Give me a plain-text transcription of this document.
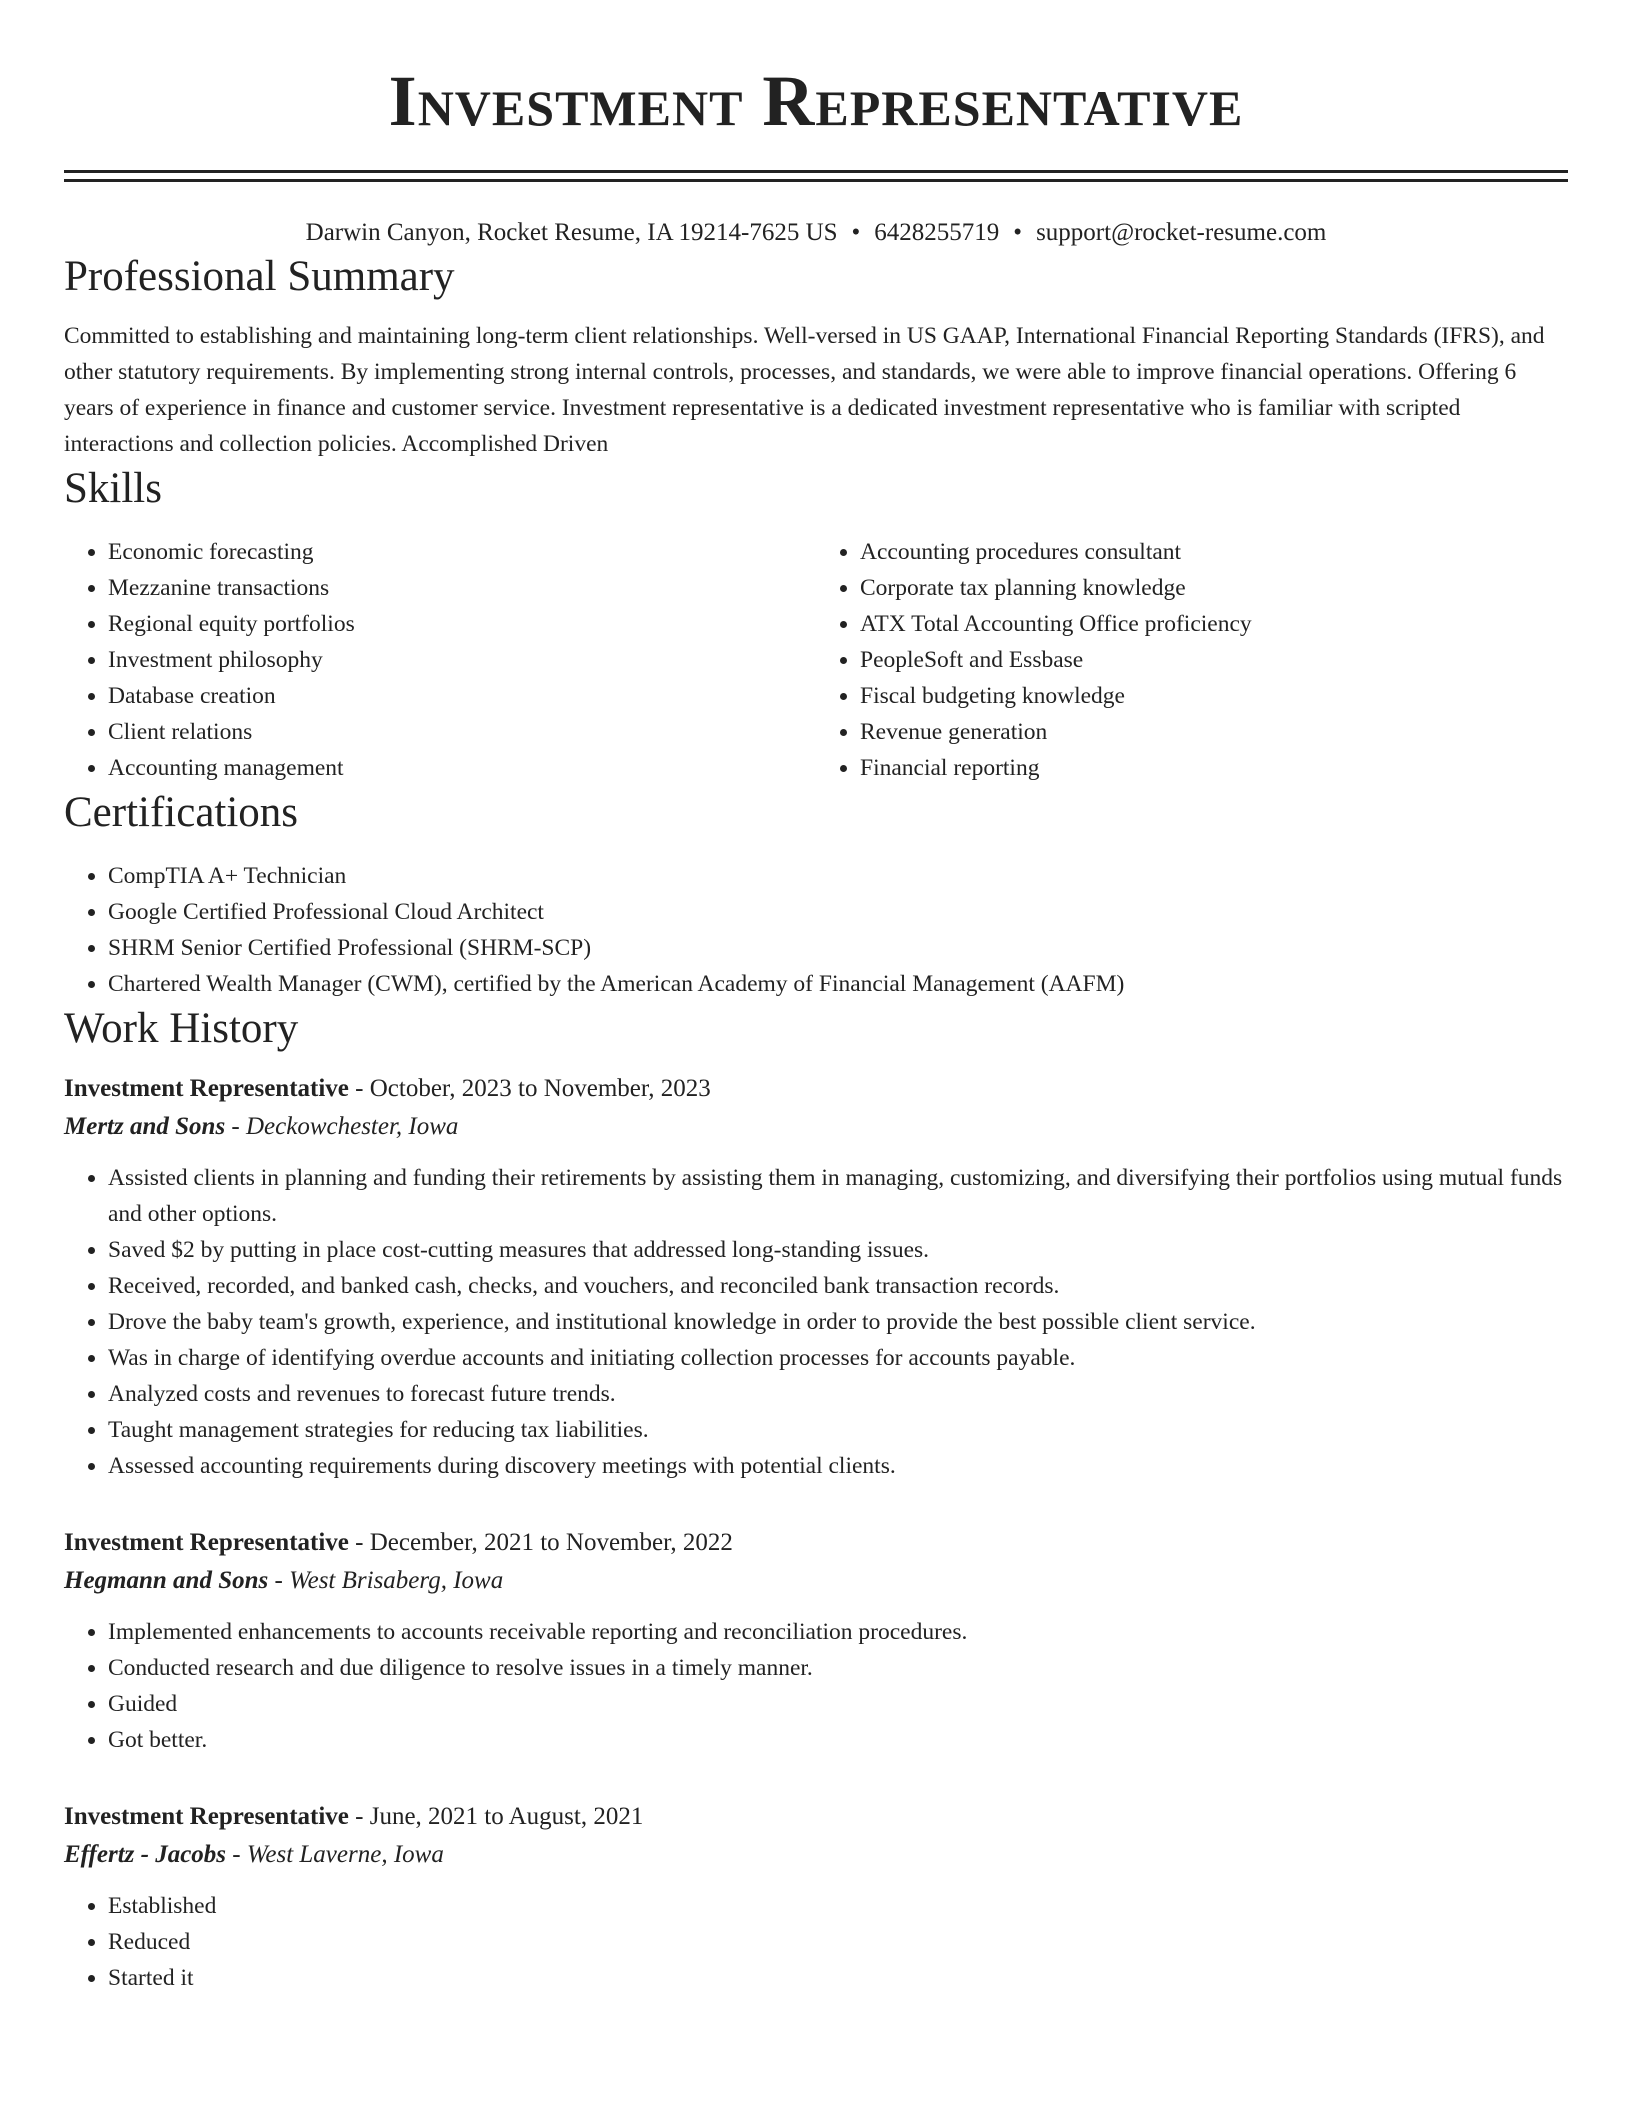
Investment Representative
Darwin Canyon, Rocket Resume, IA 19214-7625 US • 6428255719 • support@rocket-resume.com
Professional Summary

Committed to establishing and maintaining long-term client relationships. Well-versed in US GAAP, International Financial Reporting Standards (IFRS), and other statutory requirements. By implementing strong internal controls, processes, and standards, we were able to improve financial operations. Offering 6 years of experience in finance and customer service. Investment representative is a dedicated investment representative who is familiar with scripted interactions and collection policies. Accomplished Driven

Skills
• Economic forecasting
• Mezzanine transactions
• Regional equity portfolios
• Investment philosophy
• Database creation
• Client relations
• Accounting management
• Accounting procedures consultant
• Corporate tax planning knowledge
• ATX Total Accounting Office proficiency
• PeopleSoft and Essbase
• Fiscal budgeting knowledge
• Revenue generation
• Financial reporting
Certifications
• CompTIA A+ Technician
• Google Certified Professional Cloud Architect
• SHRM Senior Certified Professional (SHRM-SCP)
• Chartered Wealth Manager (CWM), certified by the American Academy of Financial Management (AAFM)
Work History
Investment Representative - October, 2023 to November, 2023
Mertz and Sons - Deckowchester, Iowa
• Assisted clients in planning and funding their retirements by assisting them in managing, customizing, and diversifying their portfolios using mutual funds and other options.
• Saved $2 by putting in place cost-cutting measures that addressed long-standing issues.
• Received, recorded, and banked cash, checks, and vouchers, and reconciled bank transaction records.
• Drove the baby team's growth, experience, and institutional knowledge in order to provide the best possible client service.
• Was in charge of identifying overdue accounts and initiating collection processes for accounts payable.
• Analyzed costs and revenues to forecast future trends.
• Taught management strategies for reducing tax liabilities.
• Assessed accounting requirements during discovery meetings with potential clients.
Investment Representative - December, 2021 to November, 2022
Hegmann and Sons - West Brisaberg, Iowa
• Implemented enhancements to accounts receivable reporting and reconciliation procedures.
• Conducted research and due diligence to resolve issues in a timely manner.
• Guided
• Got better.
Investment Representative - June, 2021 to August, 2021
Effertz - Jacobs - West Laverne, Iowa
• Established
• Reduced
• Started it
